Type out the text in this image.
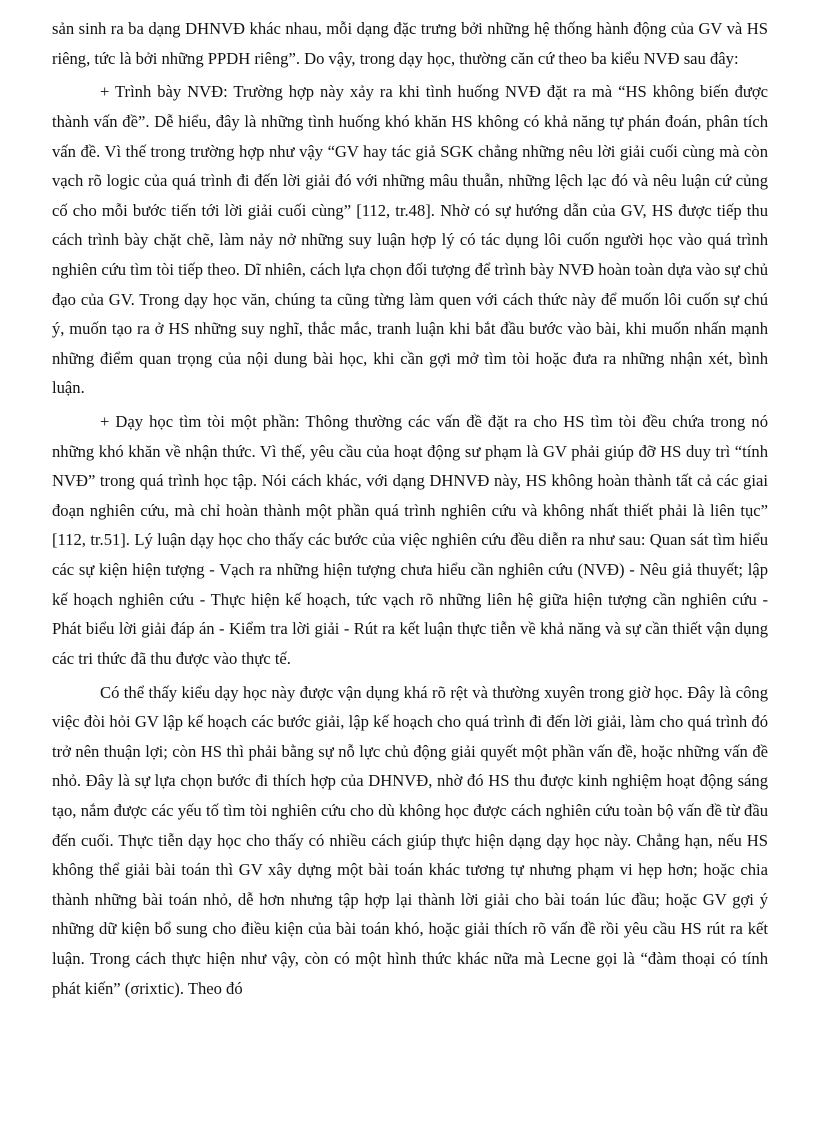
sản sinh ra ba dạng DHNVĐ khác nhau, mỗi dạng đặc trưng bởi những hệ thống hành động của GV và HS riêng, tức là bởi những PPDH riêng”. Do vậy, trong dạy học, thường căn cứ theo ba kiểu NVĐ sau đây:

+ Trình bày NVĐ: Trường hợp này xảy ra khi tình huống NVĐ đặt ra mà “HS không biến được thành vấn đề”. Dễ hiểu, đây là những tình huống khó khăn HS không có khả năng tự phán đoán, phân tích vấn đề. Vì thế trong trường hợp như vậy “GV hay tác giả SGK chẳng những nêu lời giải cuối cùng mà còn vạch rõ logic của quá trình đi đến lời giải đó với những mâu thuẫn, những lệch lạc đó và nêu luận cứ củng cố cho mỗi bước tiến tới lời giải cuối cùng” [112, tr.48]. Nhờ có sự hướng dẫn của GV, HS được tiếp thu cách trình bày chặt chẽ, làm nảy nở những suy luận hợp lý có tác dụng lôi cuốn người học vào quá trình nghiên cứu tìm tòi tiếp theo. Dĩ nhiên, cách lựa chọn đối tượng để trình bày NVĐ hoàn toàn dựa vào sự chủ đạo của GV. Trong dạy học văn, chúng ta cũng từng làm quen với cách thức này để muốn lôi cuốn sự chú ý, muốn tạo ra ở HS những suy nghĩ, thắc mắc, tranh luận khi bắt đầu bước vào bài, khi muốn nhấn mạnh những điểm quan trọng của nội dung bài học, khi cần gợi mở tìm tòi hoặc đưa ra những nhận xét, bình luận.

+ Dạy học tìm tòi một phần: Thông thường các vấn đề đặt ra cho HS tìm tòi đều chứa trong nó những khó khăn về nhận thức. Vì thế, yêu cầu của hoạt động sư phạm là GV phải giúp đỡ HS duy trì “tính NVĐ” trong quá trình học tập. Nói cách khác, với dạng DHNVĐ này, HS không hoàn thành tất cả các giai đoạn nghiên cứu, mà chỉ hoàn thành một phần quá trình nghiên cứu và không nhất thiết phải là liên tục” [112, tr.51]. Lý luận dạy học cho thấy các bước của việc nghiên cứu đều diễn ra như sau: Quan sát tìm hiểu các sự kiện hiện tượng - Vạch ra những hiện tượng chưa hiểu cần nghiên cứu (NVĐ) - Nêu giả thuyết; lập kế hoạch nghiên cứu - Thực hiện kế hoạch, tức vạch rõ những liên hệ giữa hiện tượng cần nghiên cứu - Phát biểu lời giải đáp án - Kiểm tra lời giải - Rút ra kết luận thực tiễn về khả năng và sự cần thiết vận dụng các tri thức đã thu được vào thực tế.

Có thể thấy kiểu dạy học này được vận dụng khá rõ rệt và thường xuyên trong giờ học. Đây là công việc đòi hỏi GV lập kế hoạch các bước giải, lập kế hoạch cho quá trình đi đến lời giải, làm cho quá trình đó trở nên thuận lợi; còn HS thì phải bằng sự nỗ lực chủ động giải quyết một phần vấn đề, hoặc những vấn đề nhỏ. Đây là sự lựa chọn bước đi thích hợp của DHNVĐ, nhờ đó HS thu được kinh nghiệm hoạt động sáng tạo, nắm được các yếu tố tìm tòi nghiên cứu cho dù không học được cách nghiên cứu toàn bộ vấn đề từ đầu đến cuối. Thực tiễn dạy học cho thấy có nhiều cách giúp thực hiện dạng dạy học này. Chẳng hạn, nếu HS không thể giải bài toán thì GV xây dựng một bài toán khác tương tự nhưng phạm vi hẹp hơn; hoặc chia thành những bài toán nhỏ, dễ hơn nhưng tập hợp lại thành lời giải cho bài toán lúc đầu; hoặc GV gợi ý những dữ kiện bổ sung cho điều kiện của bài toán khó, hoặc giải thích rõ vấn đề rồi yêu cầu HS rút ra kết luận. Trong cách thực hiện như vậy, còn có một hình thức khác nữa mà Lecne gọi là “đàm thoại có tính phát kiến” (σrixtic). Theo đó
